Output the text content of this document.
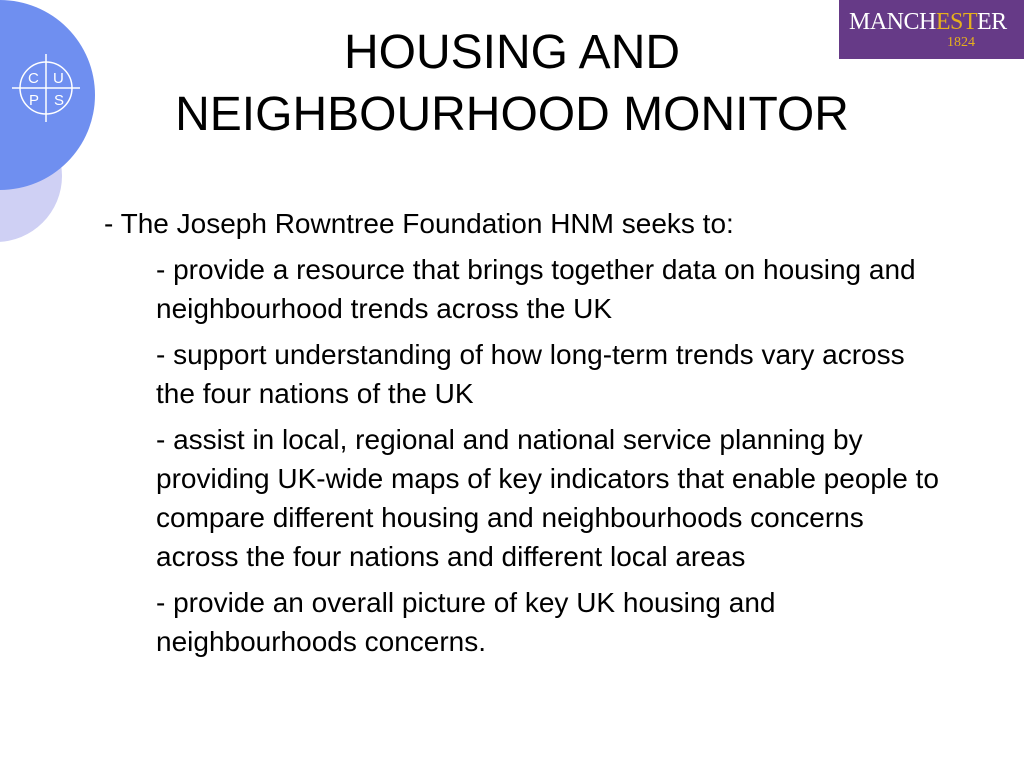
C U
P S
MANCHESTER
1824
HOUSING AND
NEIGHBOURHOOD MONITOR

- The Joseph Rowntree Foundation HNM seeks to:

- provide a resource that brings together data on housing and neighbourhood trends across the UK

- support understanding of how long-term trends vary across the four nations of the UK

- assist in local, regional and national service planning by providing UK-wide maps of key indicators that enable people to compare different housing and neighbourhoods concerns across the four nations and different local areas

- provide an overall picture of key UK housing and neighbourhoods concerns.
